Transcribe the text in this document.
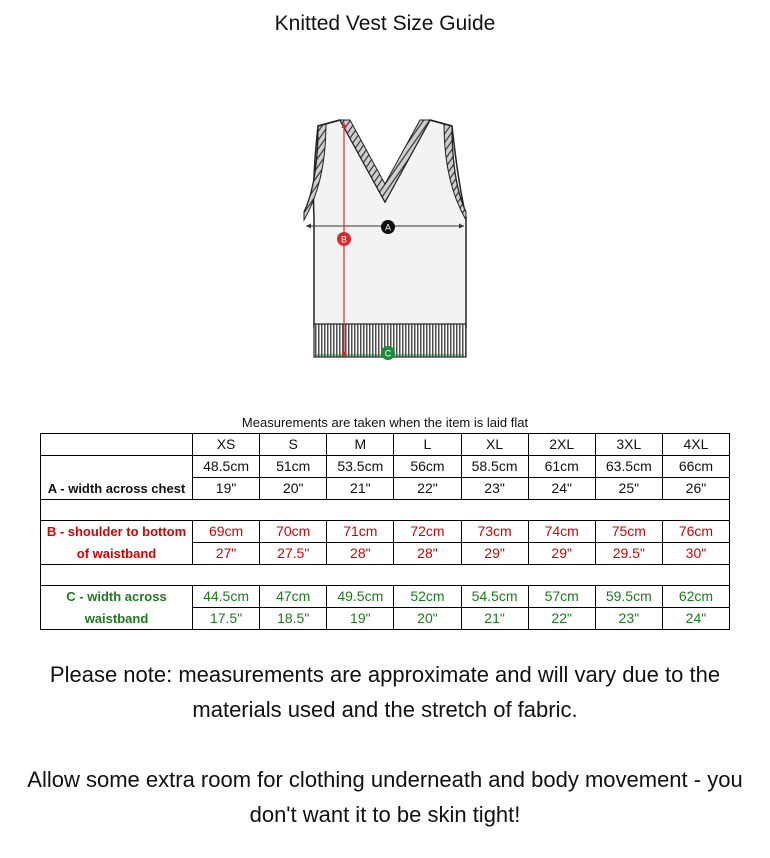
Knitted Vest Size Guide
A
B
C
Measurements are taken when the item is laid flat
	XS	S	M	L	XL	2XL	3XL	4XL
	48.5cm	51cm	53.5cm	56cm	58.5cm	61cm	63.5cm	66cm
A - width across chest	19"	20"	21"	22"	23"	24"	25"	26"

B - shoulder to bottom	69cm	70cm	71cm	72cm	73cm	74cm	75cm	76cm
of waistband	27"	27.5"	28"	28"	29"	29"	29.5"	30"

C - width across	44.5cm	47cm	49.5cm	52cm	54.5cm	57cm	59.5cm	62cm
waistband	17.5"	18.5"	19"	20"	21"	22"	23"	24"
Please note: measurements are approximate and will vary due to the materials used and the stretch of fabric.
Allow some extra room for clothing underneath and body movement - you don't want it to be skin tight!
